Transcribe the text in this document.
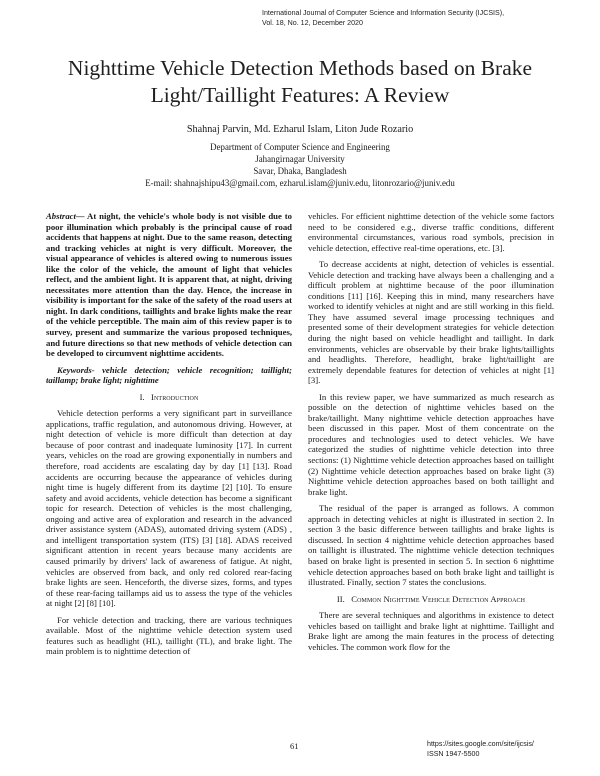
International Journal of Computer Science and Information Security (IJCSIS),
Vol. 18, No. 12, December 2020
Nighttime Vehicle Detection Methods based on Brake
Light/Taillight Features: A Review
Shahnaj Parvin, Md. Ezharul Islam, Liton Jude Rozario
Department of Computer Science and Engineering
Jahangirnagar University
Savar, Dhaka, Bangladesh
E-mail: shahnajshipu43@gmail.com, ezharul.islam@juniv.edu, litonrozario@juniv.edu

Abstract— At night, the vehicle's whole body is not visible due to poor illumination which probably is the principal cause of road accidents that happens at night. Due to the same reason, detecting and tracking vehicles at night is very difficult. Moreover, the visual appearance of vehicles is altered owing to numerous issues like the color of the vehicle, the amount of light that vehicles reflect, and the ambient light. It is apparent that, at night, driving necessitates more attention than the day. Hence, the increase in visibility is important for the sake of the safety of the road users at night. In dark conditions, taillights and brake lights make the rear of the vehicle perceptible. The main aim of this review paper is to survey, present and summarize the various proposed techniques, and future directions so that new methods of vehicle detection can be developed to circumvent nighttime accidents.

Keywords- vehicle detection; vehicle recognition; taillight; taillamp; brake light; nighttime

I. Introduction

Vehicle detection performs a very significant part in surveillance applications, traffic regulation, and autonomous driving. However, at night detection of vehicle is more difficult than detection at day because of poor contrast and inadequate luminosity [17]. In current years, vehicles on the road are growing exponentially in numbers and therefore, road accidents are escalating day by day [1] [13]. Road accidents are occurring because the appearance of vehicles during night time is hugely different from its daytime [2] [10]. To ensure safety and avoid accidents, vehicle detection has become a significant topic for research. Detection of vehicles is the most challenging, ongoing and active area of exploration and research in the advanced driver assistance system (ADAS), automated driving system (ADS) , and intelligent transportation system (ITS) [3] [18]. ADAS received significant attention in recent years because many accidents are caused primarily by drivers' lack of awareness of fatigue. At night, vehicles are observed from back, and only red colored rear-facing brake lights are seen. Henceforth, the diverse sizes, forms, and types of these rear-facing taillamps aid us to assess the type of the vehicles at night [2] [8] [10].

For vehicle detection and tracking, there are various techniques available. Most of the nighttime vehicle detection system used features such as headlight (HL), taillight (TL), and brake light. The main problem is to nighttime detection of

vehicles. For efficient nighttime detection of the vehicle some factors need to be considered e.g., diverse traffic conditions, different environmental circumstances, various road symbols, precision in vehicle detection, effective real-time operations, etc. [3].

To decrease accidents at night, detection of vehicles is essential. Vehicle detection and tracking have always been a challenging and a difficult problem at nighttime because of the poor illumination conditions [11] [16]. Keeping this in mind, many researchers have worked to identify vehicles at night and are still working in this field. They have assumed several image processing techniques and presented some of their development strategies for vehicle detection during the night based on vehicle headlight and taillight. In dark environments, vehicles are observable by their brake lights/taillights and headlights. Therefore, headlight, brake light/taillight are extremely dependable features for detection of vehicles at night [1] [3].

In this review paper, we have summarized as much research as possible on the detection of nighttime vehicles based on the brake/taillight. Many nighttime vehicle detection approaches have been discussed in this paper. Most of them concentrate on the procedures and technologies used to detect vehicles. We have categorized the studies of nighttime vehicle detection into three sections: (1) Nighttime vehicle detection approaches based on taillight (2) Nighttime vehicle detection approaches based on brake light (3) Nighttime vehicle detection approaches based on both taillight and brake light.

The residual of the paper is arranged as follows. A common approach in detecting vehicles at night is illustrated in section 2. In section 3 the basic difference between taillights and brake lights is discussed. In section 4 nighttime vehicle detection approaches based on taillight is illustrated. The nighttime vehicle detection techniques based on brake light is presented in section 5. In section 6 nighttime vehicle detection approaches based on both brake light and taillight is illustrated. Finally, section 7 states the conclusions.

II. Common Nighttime Vehicle Detection Approach

There are several techniques and algorithms in existence to detect vehicles based on taillight and brake light at nighttime. Taillight and Brake light are among the main features in the process of detecting vehicles. The common work flow for the

61	https://sites.google.com/site/ijcsis/
ISSN 1947-5500
